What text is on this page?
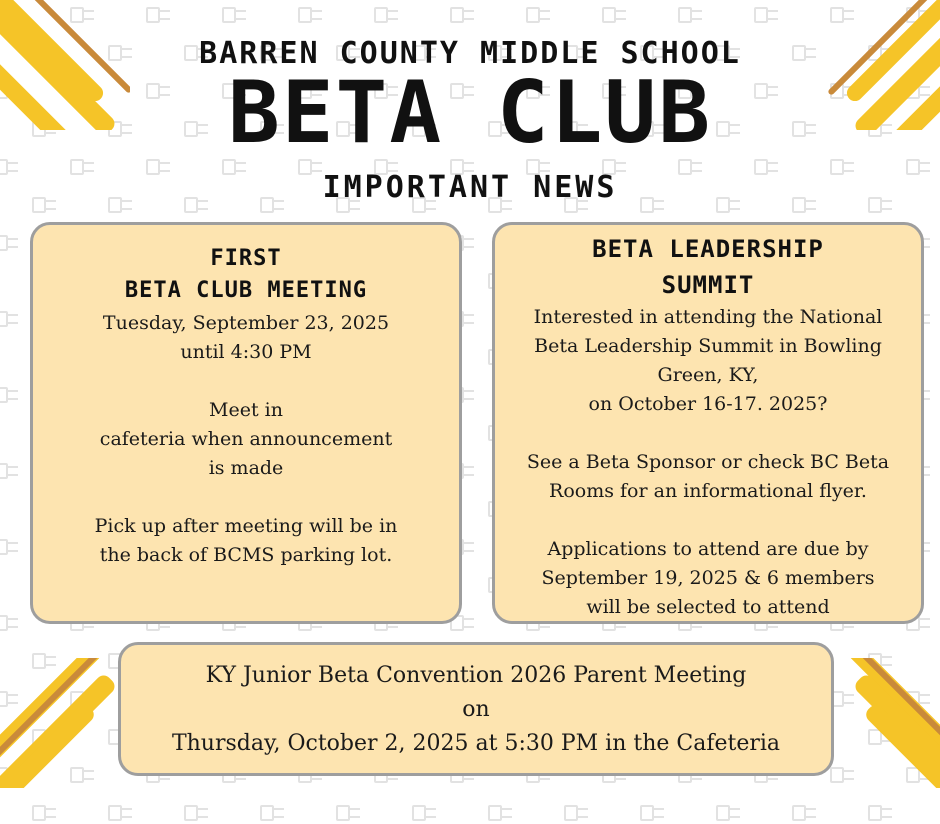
BARREN COUNTY MIDDLE SCHOOL
BETA CLUB
IMPORTANT NEWS
FIRST
BETA CLUB MEETING
Tuesday, September 23, 2025
until 4:30 PM
Meet in
cafeteria when announcement
is made
Pick up after meeting will be in
the back of BCMS parking lot.
BETA LEADERSHIP
SUMMIT
Interested in attending the National
Beta Leadership Summit in Bowling
Green, KY,
on October 16-17. 2025?
See a Beta Sponsor or check BC Beta
Rooms for an informational flyer.
Applications to attend are due by
September 19, 2025 & 6 members
will be selected to attend
KY Junior Beta Convention 2026 Parent Meeting
on
Thursday, October 2, 2025 at 5:30 PM in the Cafeteria
